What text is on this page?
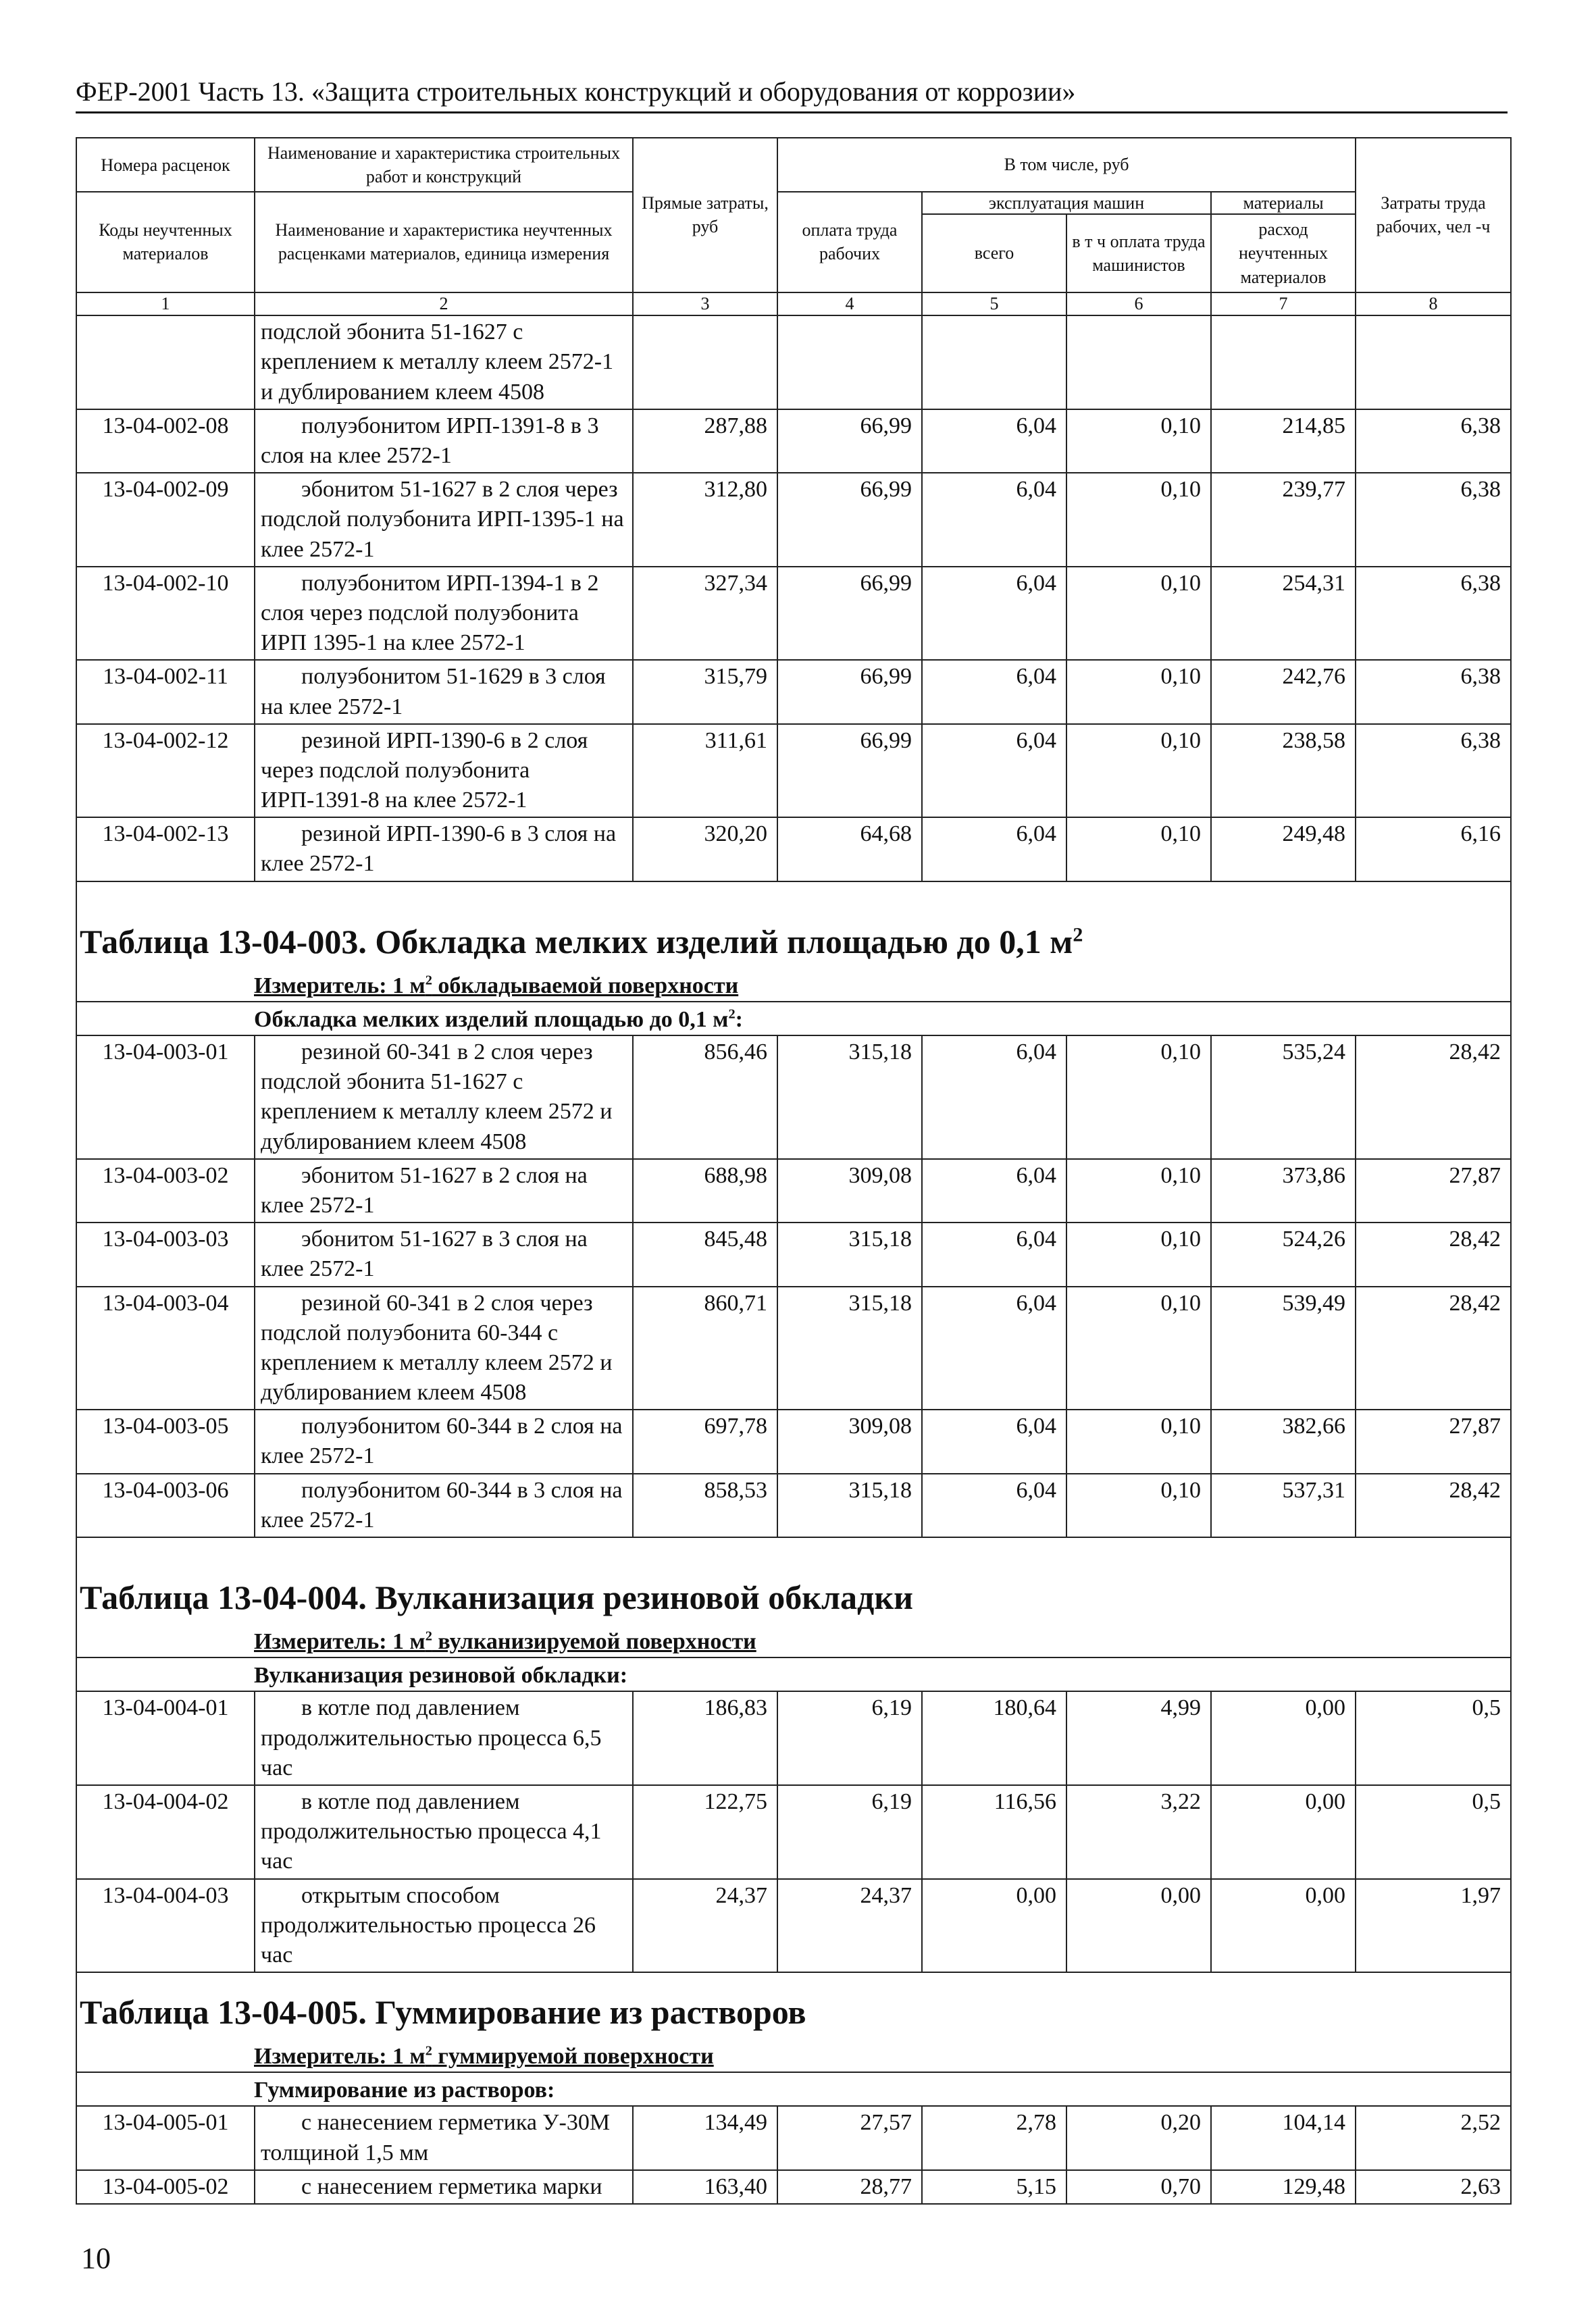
ФЕР-2001 Часть 13. «Защита строительных конструкций и оборудования от коррозии»
Номера расценок	Наименование и характеристика строительных работ и конструкций	Прямые затраты, руб	В том числе, руб				Затраты труда рабочих, чел -ч
Коды неучтенных материалов	Наименование и характеристика неучтенных расценками материалов, единица измерения		оплата труда рабочих	эксплуатация машин		материалы	
				всего	в т ч оплата труда машинистов	расход неучтенных материалов	

1	2	3	4	5	6	7	8
	подслой эбонита 51-1627 с креплением к металлу клеем 2572-1 и дублированием клеем 4508						
13-04-002-08	полуэбонитом ИРП-1391-8 в 3 слоя на клее 2572-1	287,88	66,99	6,04	0,10	214,85	6,38
13-04-002-09	эбонитом 51-1627 в 2 слоя через подслой полуэбонита ИРП-1395-1 на клее 2572-1	312,80	66,99	6,04	0,10	239,77	6,38
13-04-002-10	полуэбонитом ИРП-1394-1 в 2 слоя через подслой полуэбонита ИРП 1395-1 на клее 2572-1	327,34	66,99	6,04	0,10	254,31	6,38
13-04-002-11	полуэбонитом 51-1629 в 3 слоя на клее 2572-1	315,79	66,99	6,04	0,10	242,76	6,38
13-04-002-12	резиной ИРП-1390-6 в 2 слоя через подслой полуэбонита ИРП-1391-8 на клее 2572-1	311,61	66,99	6,04	0,10	238,58	6,38
13-04-002-13	резиной ИРП-1390-6 в 3 слоя на клее 2572-1	320,20	64,68	6,04	0,10	249,48	6,16

Таблица 13-04-003. Обкладка мелких изделий площадью до 0,1 $м^2$
Измеритель: 1 $м^2$ обкладываемой поверхности							
Обкладка мелких изделий площадью до 0,1 $м^2$:							
13-04-003-01	резиной 60-341 в 2 слоя через подслой эбонита 51-1627 с креплением к металлу клеем 2572 и дублированием клеем 4508	856,46	315,18	6,04	0,10	535,24	28,42
13-04-003-02	эбонитом 51-1627 в 2 слоя на клее 2572-1	688,98	309,08	6,04	0,10	373,86	27,87
13-04-003-03	эбонитом 51-1627 в 3 слоя на клее 2572-1	845,48	315,18	6,04	0,10	524,26	28,42
13-04-003-04	резиной 60-341 в 2 слоя через подслой полуэбонита 60-344 с креплением к металлу клеем 2572 и дублированием клеем 4508	860,71	315,18	6,04	0,10	539,49	28,42
13-04-003-05	полуэбонитом 60-344 в 2 слоя на клее 2572-1	697,78	309,08	6,04	0,10	382,66	27,87
13-04-003-06	полуэбонитом 60-344 в 3 слоя на клее 2572-1	858,53	315,18	6,04	0,10	537,31	28,42

Таблица 13-04-004. Вулканизация резиновой обкладки							
Измеритель: 1 $м^2$ вулканизируемой поверхности							
Вулканизация резиновой обкладки:							
13-04-004-01	в котле под давлением продолжительностью процесса 6,5 час	186,83	6,19	180,64	4,99	0,00	0,5
13-04-004-02	в котле под давлением продолжительностью процесса 4,1 час	122,75	6,19	116,56	3,22	0,00	0,5
13-04-004-03	открытым способом продолжительностью процесса 26 час	24,37	24,37	0,00	0,00	0,00	1,97
Таблица 13-04-005. Гуммирование из растворов							
Измеритель: 1 $м^2$ гуммируемой поверхности							
Гуммирование из растворов:							
13-04-005-01	с нанесением герметика У-30М толщиной 1,5 мм	134,49	27,57	2,78	0,20	104,14	2,52
13-04-005-02	с нанесением герметика марки	163,40	28,77	5,15	0,70	129,48	2,63
10
